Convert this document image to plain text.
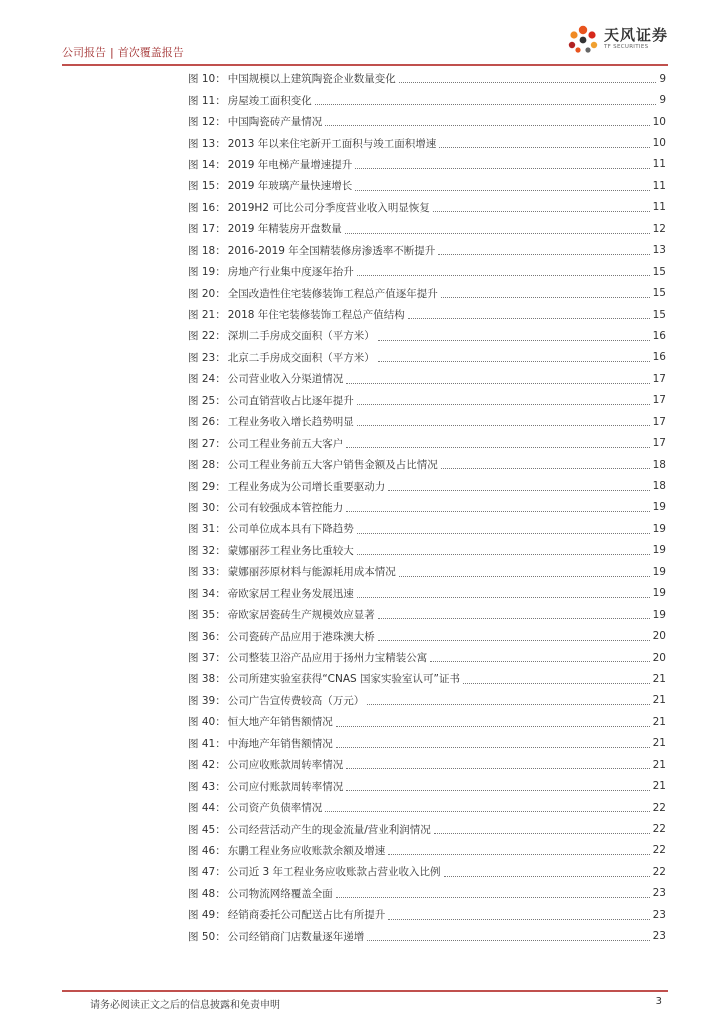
公司报告 | 首次覆盖报告
天风证券
TF SECURITIES
图 10： 中国规模以上建筑陶瓷企业数量变化	9
图 11： 房屋竣工面积变化	9
图 12： 中国陶瓷砖产量情况	10
图 13： 2013 年以来住宅新开工面积与竣工面积增速	10
图 14： 2019 年电梯产量增速提升	11
图 15： 2019 年玻璃产量快速增长	11
图 16： 2019H2 可比公司分季度营业收入明显恢复	11
图 17： 2019 年精装房开盘数量	12
图 18： 2016-2019 年全国精装修房渗透率不断提升	13
图 19： 房地产行业集中度逐年抬升	15
图 20： 全国改造性住宅装修装饰工程总产值逐年提升	15
图 21： 2018 年住宅装修装饰工程总产值结构	15
图 22： 深圳二手房成交面积（平方米）	16
图 23： 北京二手房成交面积（平方米）	16
图 24： 公司营业收入分渠道情况	17
图 25： 公司直销营收占比逐年提升	17
图 26： 工程业务收入增长趋势明显	17
图 27： 公司工程业务前五大客户	17
图 28： 公司工程业务前五大客户销售金额及占比情况	18
图 29： 工程业务成为公司增长重要驱动力	18
图 30： 公司有较强成本管控能力	19
图 31： 公司单位成本具有下降趋势	19
图 32： 蒙娜丽莎工程业务比重较大	19
图 33： 蒙娜丽莎原材料与能源耗用成本情况	19
图 34： 帝欧家居工程业务发展迅速	19
图 35： 帝欧家居瓷砖生产规模效应显著	19
图 36： 公司瓷砖产品应用于港珠澳大桥	20
图 37： 公司整装卫浴产品应用于扬州力宝精装公寓	20
图 38： 公司所建实验室获得“CNAS 国家实验室认可”证书	21
图 39： 公司广告宣传费较高（万元）	21
图 40： 恒大地产年销售额情况	21
图 41： 中海地产年销售额情况	21
图 42： 公司应收账款周转率情况	21
图 43： 公司应付账款周转率情况	21
图 44： 公司资产负债率情况	22
图 45： 公司经营活动产生的现金流量/营业利润情况	22
图 46： 东鹏工程业务应收账款余额及增速	22
图 47： 公司近 3 年工程业务应收账款占营业收入比例	22
图 48： 公司物流网络覆盖全面	23
图 49： 经销商委托公司配送占比有所提升	23
图 50： 公司经销商门店数量逐年递增	23
请务必阅读正文之后的信息披露和免责申明	3
